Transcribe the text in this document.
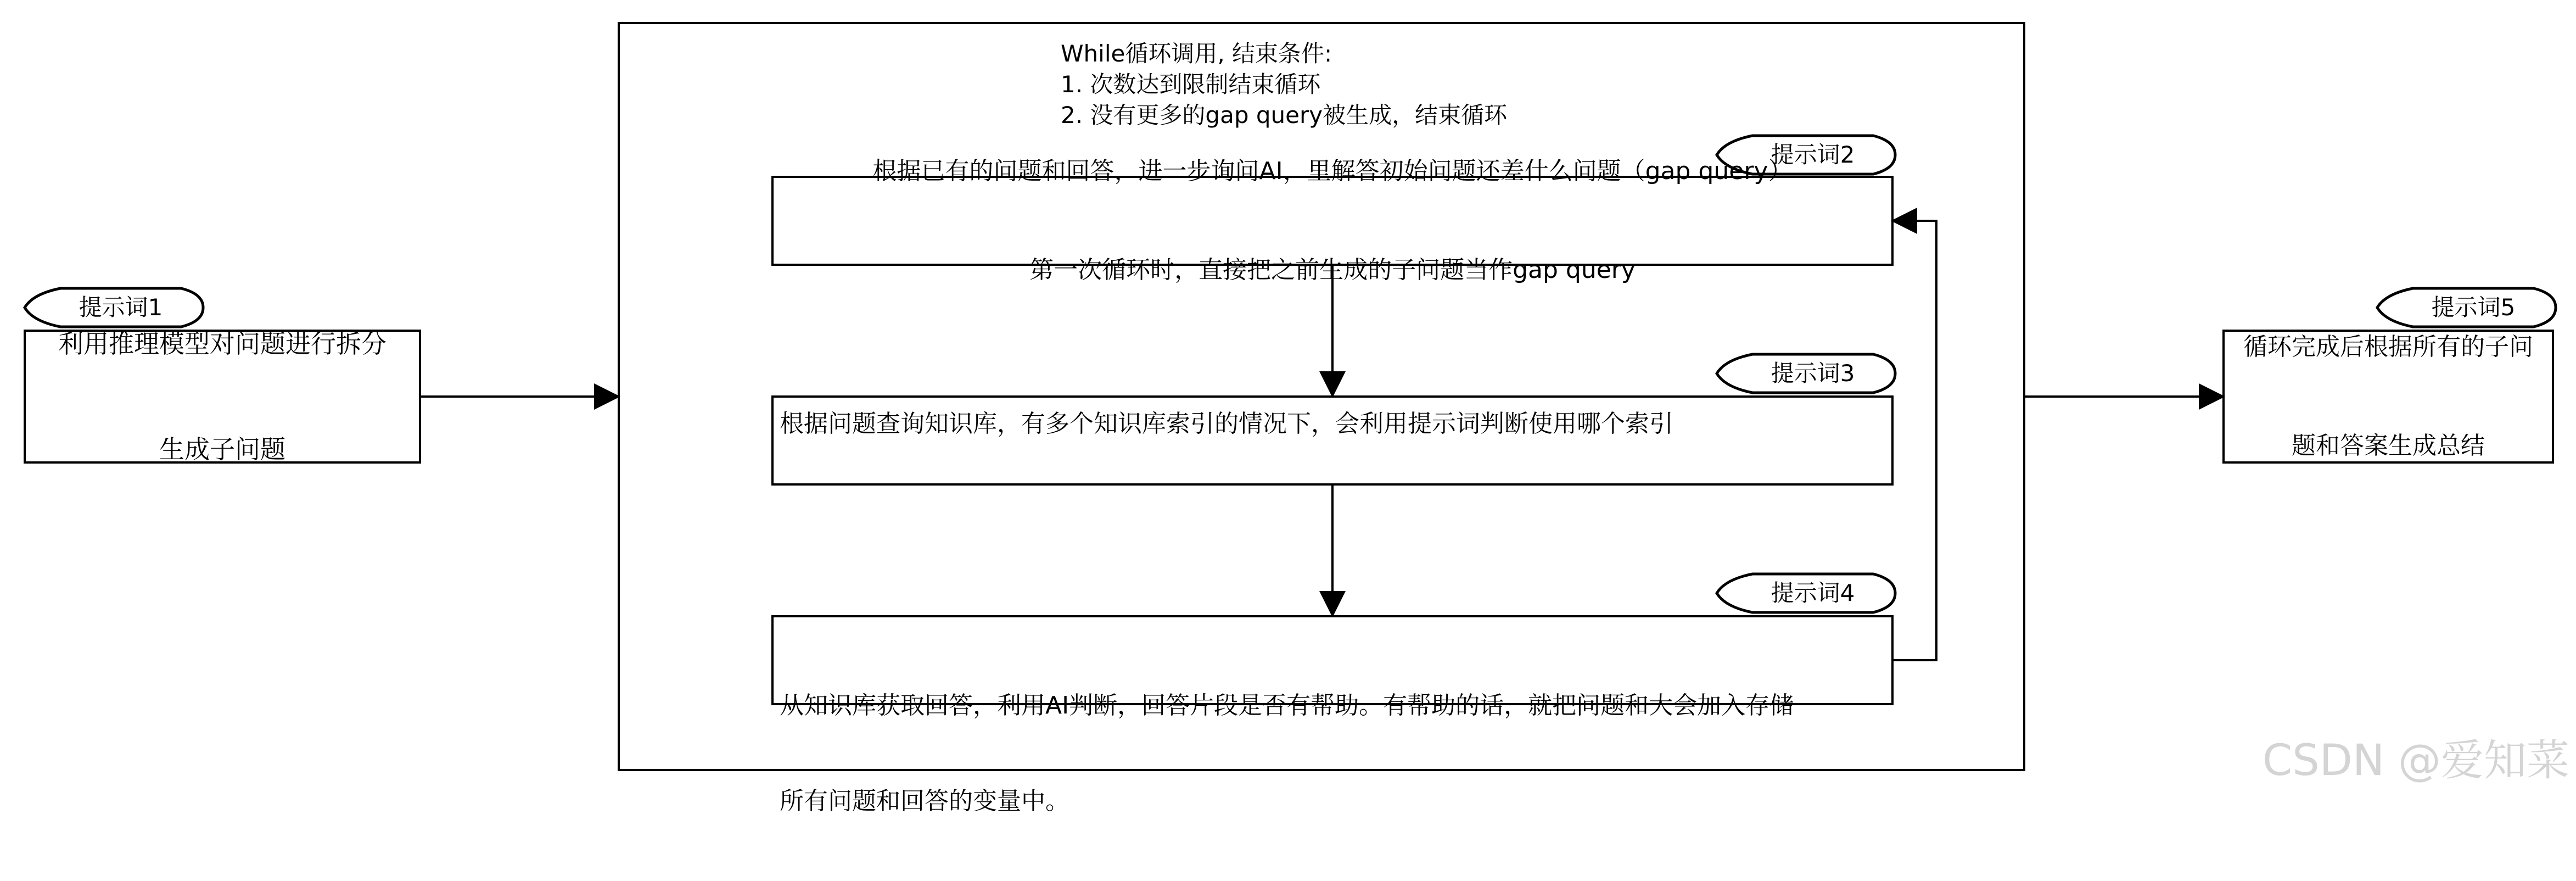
While循环调用, 结束条件:
1. 次数达到限制结束循环
2. 没有更多的gap query被生成，结束循环
提示词1
提示词2
提示词3
提示词4
提示词5

利用推理模型对问题进行拆分

生成子问题

根据已有的问题和回答，进一步询问AI，里解答初始问题还差什么问题（gap query）

第一次循环时，直接把之前生成的子问题当作gap query

根据问题查询知识库，有多个知识库索引的情况下，会利用提示词判断使用哪个索引

从知识库获取回答，利用AI判断，回答片段是否有帮助。有帮助的话，就把问题和大会加入存储

所有问题和回答的变量中。

循环完成后根据所有的子问

题和答案生成总结

CSDN @爱知菜
